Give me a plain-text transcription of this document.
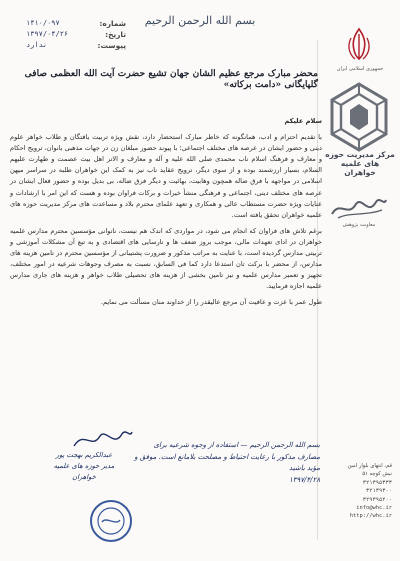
بسم الله الرحمن الرحيم
شماره:
۱۴۱۰/۰۹۷
تاریخ:
۱۳۹۷/۰۴/۲۶
پیوست:
ندارد
جمهوری اسلامی ایران
مرکز مدیریت حوزه های علمیه خواهران
معاونت پژوهش
محضر مبارک مرجع عظیم الشان جهان تشیع حضرت آیت الله العظمی صافی گلپایگانی «دامت برکاته»

سلام علیکم

با تقدیم احترام و ادب، همانگونه که خاطر مبارک استحضار دارد، نقش ویژه تربیت یافتگان و طلاب خواهر علوم دینی و حضور ایشان در عرصه های مختلف اجتماعی؛ با پیوند حضور مبلغان زن در جهات مذهبی بانوان، ترویج احکام و معارف و فرهنگ اسلام ناب محمدی صلی الله علیه و آله و معارف و الاتر اهل بیت عصمت و طهارت علیهم السلام، بسیار ارزشمند بوده و از سوی دیگر، ترویج عقاید ناب نیز به کمک این خواهران طلبه در سراسر میهن اسلامی در مواجهه با فرق ضاله همچون وهابیت، بهائیت و دیگر فرق ضاله، بی بدیل بوده و حضور فعال ایشان در عرصه های مختلف دینی، اجتماعی و فرهنگی منشأ خیرات و برکات فراوان بوده و هست که این امر با ارشادات و عنایات ویژه حضرت مستطاب عالی و همکاری و تعهد علمای محترم بلاد و مساعدت های مرکز مدیریت حوزه های علمیه خواهران تحقق یافته است.

برغم تلاش های فراوان که انجام می شود، در مواردی که اندک هم نیست، ناتوانی مؤسسین محترم مدارس علمیه خواهران در ادای تعهدات مالی، موجب بروز ضعف ها و نارسایی های اقتصادی و به تبع آن مشکلات آموزشی و تربیتی مدارس گردیده است، با عنایت به مراتب مذکور و ضرورت پشتیبانی از مؤسسین محترم در تامین هزینه های مدارس، از محضر با برکت تان استدعا دارد کما فی السابق، نسبت به مصرف وجوهات شرعیه در امور مختلف، تجهیز و تعمیر مدارس علمیه و نیز تامین بخشی از هزینه های تحصیلی طلاب خواهر و هزینه های جاری مدارس علمیه اجازه فرمایید.

طول عمر با عزت و عافیت آن مرجع عالیقدر را از خداوند منان مسألت می نمایم.

عبدالکریم بهجت پور
مدیر حوزه های علمیه خواهران
بسم الله الرحمن الرحیم — استفاده از وجوه شرعیه برای مصارف مذکور با رعایت احتیاط و مصلحت بلامانع است. موفق و مؤید باشید
۱۳۹۷/۴/۲۸
قم، انتهای بلوار امین
نبش کوچه ۵۱
۳۲۱۳۹۵۳۳۳
۳۲۱۳۹۳۰۰
۳۲۹۳۹۵۲۰۰
info@whc.ir
http://whc.ir
